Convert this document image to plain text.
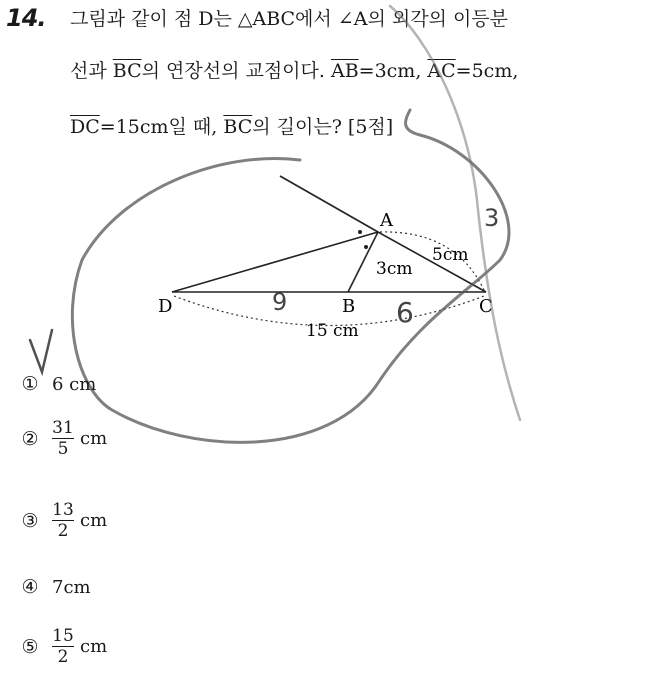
14. 그림과 같이 점 D는 △ABC에서 ∠A의 외각의 이등분
선과 $\overline{BC}$의 연장선의 교점이다. $\overline{AB}=3cm$, $\overline{AC}=5cm$,
$\overline{DC}=15cm$일 때, $\overline{BC}$의 길이는? [5점]
A
B	C
D
3cm
5cm
15 cm
3
9	6
① 6 cm
② $\frac{31}{5}$ cm
③ $\frac{13}{2}$ cm
④ 7cm
⑤ $\frac{15}{2}$ cm
